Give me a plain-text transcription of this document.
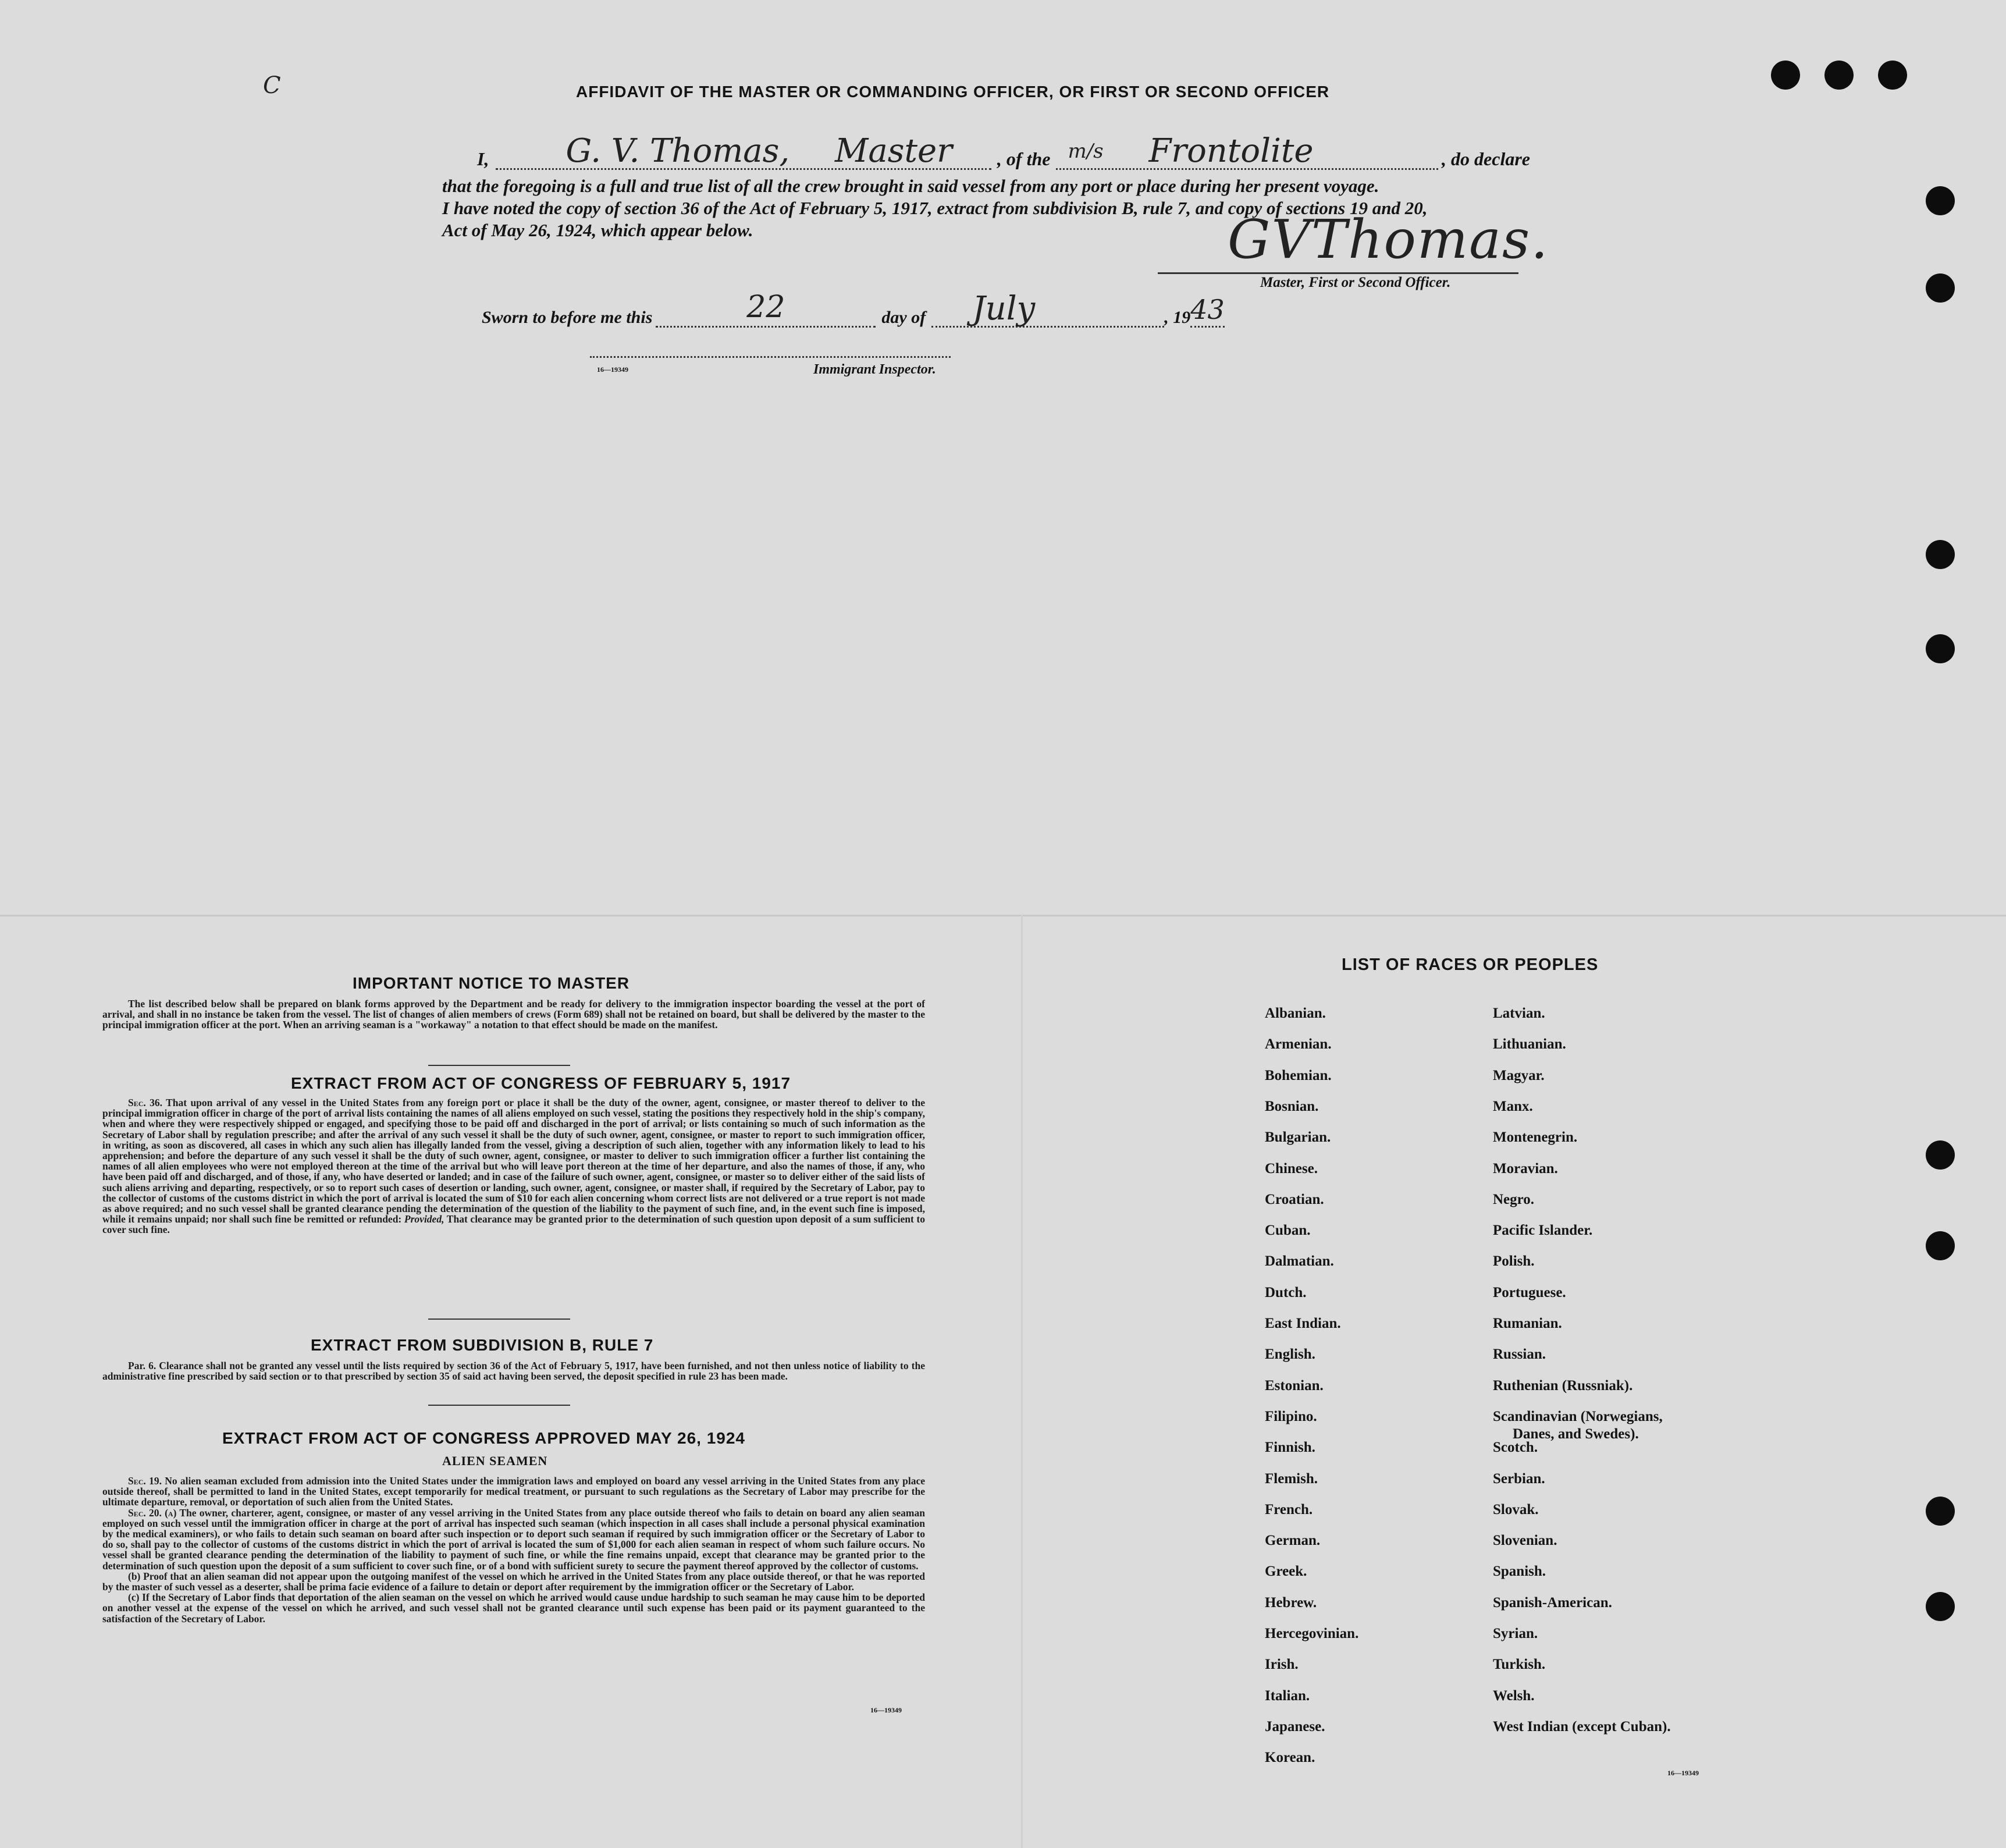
C	AFFIDAVIT OF THE MASTER OR COMMANDING OFFICER, OR FIRST OR SECOND OFFICER
I,	G. V. Thomas, Master	, of the $^{m/s}$ Frontolite	, do declare
that the foregoing is a full and true list of all the crew brought in said vessel from any port or place during her present voyage.
I have noted the copy of section 36 of the Act of February 5, 1917, extract from subdivision B, rule 7, and copy of sections 19 and 20,
Act of May 26, 1924, which appear below.	GVThomas.
Master, First or Second Officer.
Sworn to before me this	22	day of	July	, 19 43
16—19349	Immigrant Inspector.
IMPORTANT NOTICE TO MASTER

The list described below shall be prepared on blank forms approved by the Department and be ready for delivery to the immigration inspector boarding the vessel at the port of arrival, and shall in no instance be taken from the vessel. The list of changes of alien members of crews (Form 689) shall not be retained on board, but shall be delivered by the master to the principal immigration officer at the port. When an arriving seaman is a "workaway" a notation to that effect should be made on the manifest.

EXTRACT FROM ACT OF CONGRESS OF FEBRUARY 5, 1917

Sec. 36. That upon arrival of any vessel in the United States from any foreign port or place it shall be the duty of the owner, agent, consignee, or master thereof to deliver to the principal immigration officer in charge of the port of arrival lists containing the names of all aliens employed on such vessel, stating the positions they respectively hold in the ship's company, when and where they were respectively shipped or engaged, and specifying those to be paid off and discharged in the port of arrival; or lists containing so much of such information as the Secretary of Labor shall by regulation prescribe; and after the arrival of any such vessel it shall be the duty of such owner, agent, consignee, or master to report to such immigration officer, in writing, as soon as discovered, all cases in which any such alien has illegally landed from the vessel, giving a description of such alien, together with any information likely to lead to his apprehension; and before the departure of any such vessel it shall be the duty of such owner, agent, consignee, or master to deliver to such immigration officer a further list containing the names of all alien employees who were not employed thereon at the time of the arrival but who will leave port thereon at the time of her departure, and also the names of those, if any, who have been paid off and discharged, and of those, if any, who have deserted or landed; and in case of the failure of such owner, agent, consignee, or master so to deliver either of the said lists of such aliens arriving and departing, respectively, or so to report such cases of desertion or landing, such owner, agent, consignee, or master shall, if required by the Secretary of Labor, pay to the collector of customs of the customs district in which the port of arrival is located the sum of $10 for each alien concerning whom correct lists are not delivered or a true report is not made as above required; and no such vessel shall be granted clearance pending the determination of the question of the liability to the payment of such fine, and, in the event such fine is imposed, while it remains unpaid; nor shall such fine be remitted or refunded: Provided, That clearance may be granted prior to the determination of such question upon deposit of a sum sufficient to cover such fine.

EXTRACT FROM SUBDIVISION B, RULE 7

Par. 6. Clearance shall not be granted any vessel until the lists required by section 36 of the Act of February 5, 1917, have been furnished, and not then unless notice of liability to the administrative fine prescribed by said section or to that prescribed by section 35 of said act having been served, the deposit specified in rule 23 has been made.

EXTRACT FROM ACT OF CONGRESS APPROVED MAY 26, 1924
ALIEN SEAMEN

Sec. 19. No alien seaman excluded from admission into the United States under the immigration laws and employed on board any vessel arriving in the United States from any place outside thereof, shall be permitted to land in the United States, except temporarily for medical treatment, or pursuant to such regulations as the Secretary of Labor may prescribe for the ultimate departure, removal, or deportation of such alien from the United States.

Sec. 20. (a) The owner, charterer, agent, consignee, or master of any vessel arriving in the United States from any place outside thereof who fails to detain on board any alien seaman employed on such vessel until the immigration officer in charge at the port of arrival has inspected such seaman (which inspection in all cases shall include a personal physical examination by the medical examiners), or who fails to detain such seaman on board after such inspection or to deport such seaman if required by such immigration officer or the Secretary of Labor to do so, shall pay to the collector of customs of the customs district in which the port of arrival is located the sum of $1,000 for each alien seaman in respect of whom such failure occurs. No vessel shall be granted clearance pending the determination of the liability to payment of such fine, or while the fine remains unpaid, except that clearance may be granted prior to the determination of such question upon the deposit of a sum sufficient to cover such fine, or of a bond with sufficient surety to secure the payment thereof approved by the collector of customs.

(b) Proof that an alien seaman did not appear upon the outgoing manifest of the vessel on which he arrived in the United States from any place outside thereof, or that he was reported by the master of such vessel as a deserter, shall be prima facie evidence of a failure to detain or deport after requirement by the immigration officer or the Secretary of Labor.

(c) If the Secretary of Labor finds that deportation of the alien seaman on the vessel on which he arrived would cause undue hardship to such seaman he may cause him to be deported on another vessel at the expense of the vessel on which he arrived, and such vessel shall not be granted clearance until such expense has been paid or its payment guaranteed to the satisfaction of the Secretary of Labor.

16—19349
LIST OF RACES OR PEOPLES
16—19349
Albanian.
Armenian.
Bohemian.
Bosnian.
Bulgarian.
Chinese.
Croatian.
Cuban.
Dalmatian.
Dutch.
East Indian.
English.
Estonian.
Filipino.
Finnish.
Flemish.
French.
German.
Greek.
Hebrew.
Hercegovinian.
Irish.
Italian.
Japanese.
Korean.
Latvian.
Lithuanian.
Magyar.
Manx.
Montenegrin.
Moravian.
Negro.
Pacific Islander.
Polish.
Portuguese.
Rumanian.
Russian.
Ruthenian (Russniak).
Scandinavian (Norwegians,
Danes, and Swedes).
Scotch.
Serbian.
Slovak.
Slovenian.
Spanish.
Spanish-American.
Syrian.
Turkish.
Welsh.
West Indian (except Cuban).
